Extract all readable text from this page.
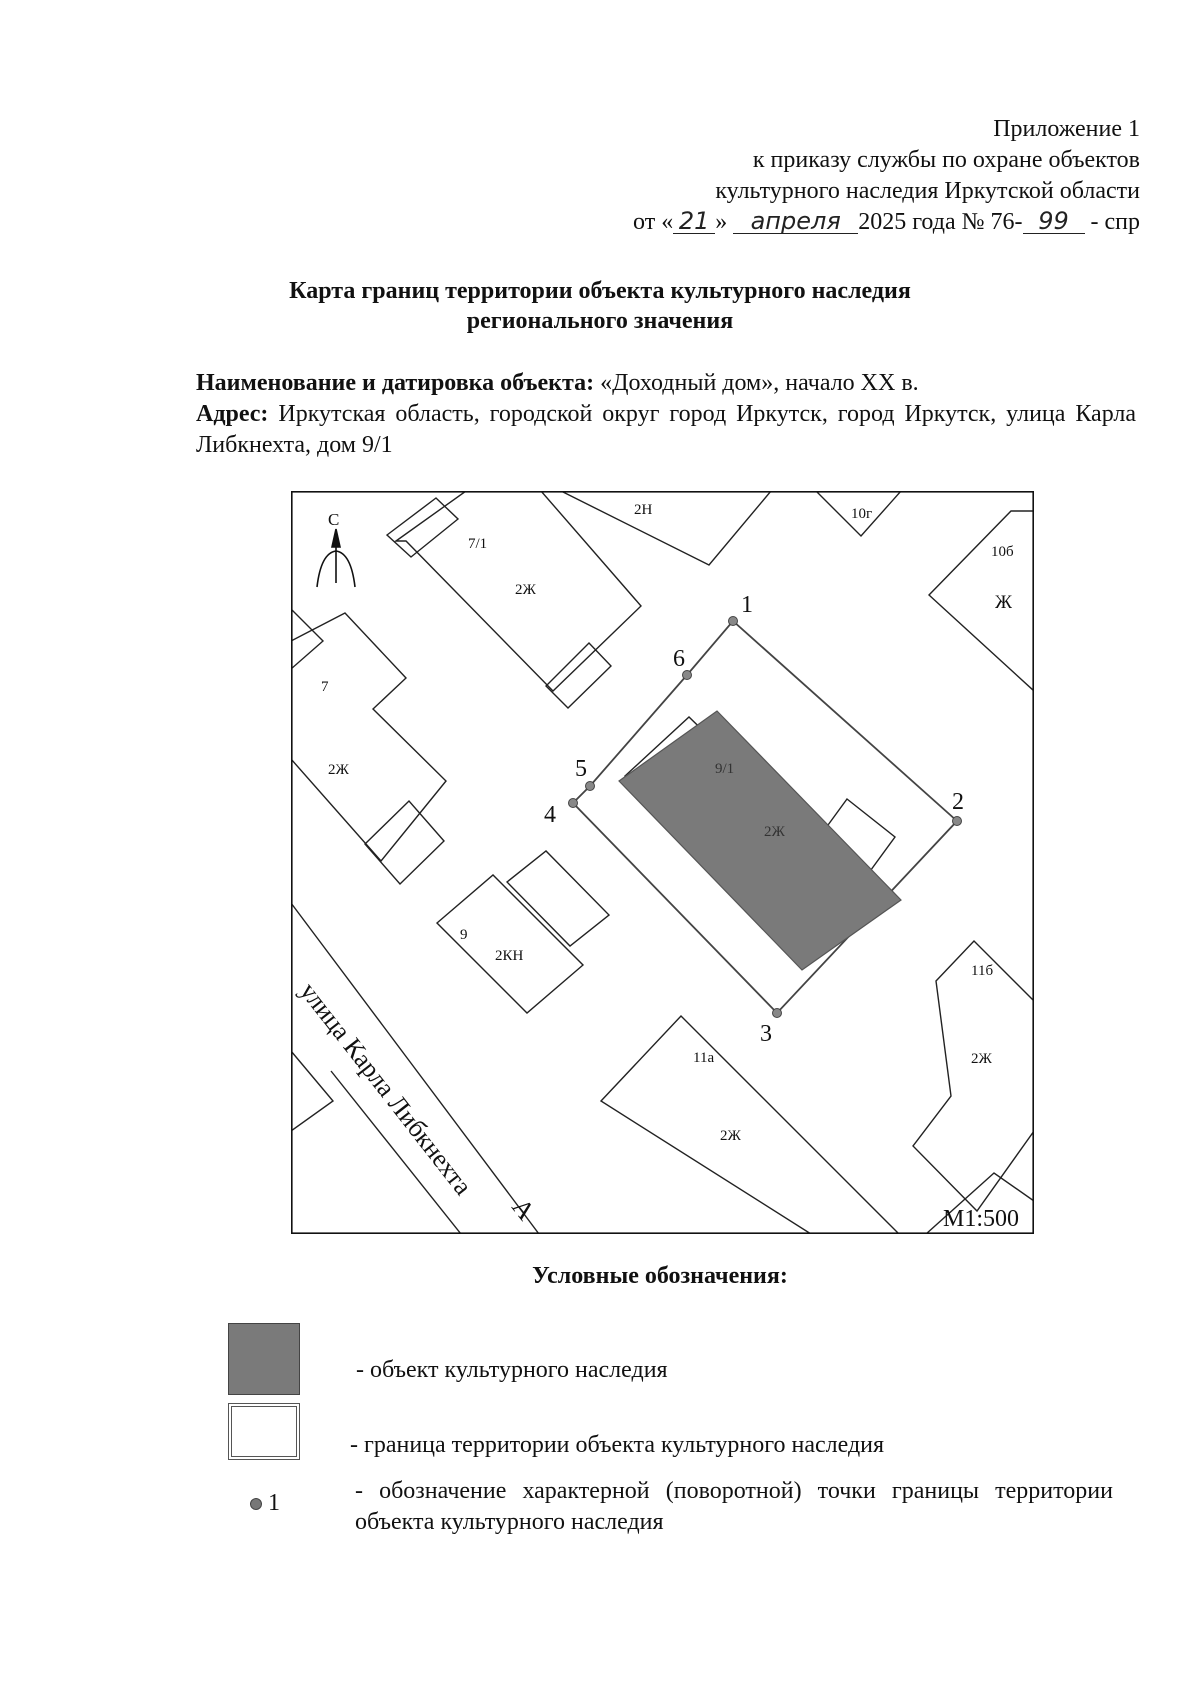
Приложение 1
к приказу службы по охране объектов
культурного наследия Иркутской области
от « 21 » апреля 2025 года № 76- 99 - спр
Карта границ территории объекта культурного наследия
регионального значения

Наименование и датировка объекта: «Доходный дом», начало XX в.

Адрес: Иркутская область, городской округ город Иркутск, город Иркутск, улица Карла Либкнехта, дом 9/1

1
2
3
4
5
6
7/1
2Ж
2Н	10г
10б
Ж
7
2Ж	9/1
2Ж
9
2КН
11б
2Ж
11а
2Ж
улица Карла Либкнехта
А	М1:500
С
Условные обозначения:
- объект культурного наследия
- граница территории объекта культурного наследия
1	- обозначение характерной (поворотной) точки границы территории объекта культурного наследия
